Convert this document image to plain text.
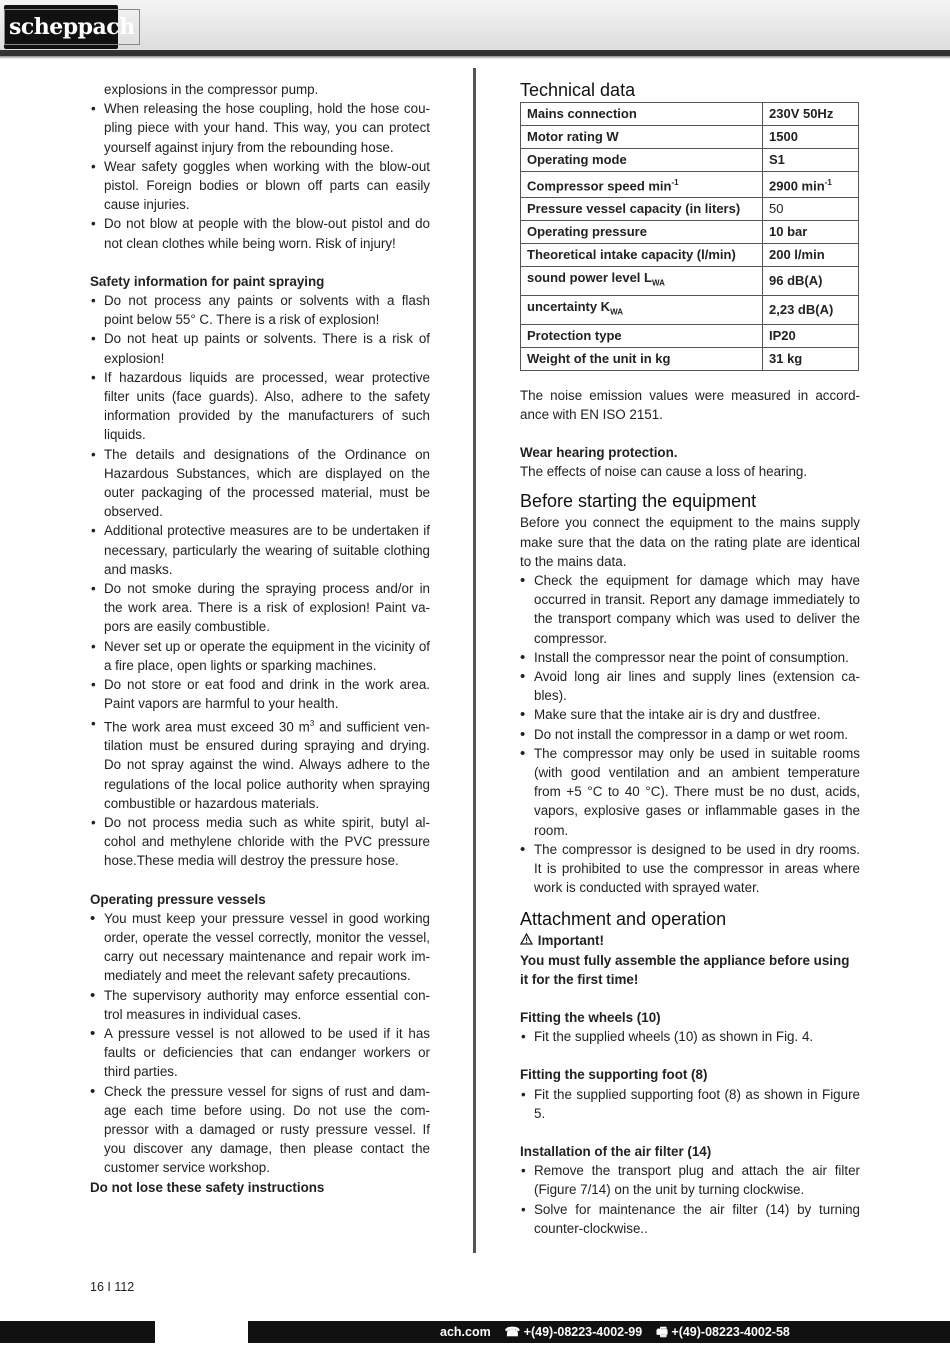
scheppach

explosions in the compressor pump.

• When releasing the hose coupling, hold the hose coupling piece with your hand. This way, you can protect yourself against injury from the rebounding hose.
• Wear safety goggles when working with the blow-out pistol. Foreign bodies or blown off parts can easily cause injuries.
• Do not blow at people with the blow-out pistol and do not clean clothes while being worn. Risk of injury!

Safety information for paint spraying

• Do not process any paints or solvents with a flash point below 55° C. There is a risk of explosion!
• Do not heat up paints or solvents. There is a risk of explosion!
• If hazardous liquids are processed, wear protective filter units (face guards). Also, adhere to the safety information provided by the manufacturers of such liquids.
• The details and designations of the Ordinance on Hazardous Substances, which are displayed on the outer packaging of the processed material, must be observed.
• Additional protective measures are to be undertaken if necessary, particularly the wearing of suitable clothing and masks.
• Do not smoke during the spraying process and/or in the work area. There is a risk of explosion! Paint vapors are easily combustible.
• Never set up or operate the equipment in the vicinity of a fire place, open lights or sparking machines.
• Do not store or eat food and drink in the work area. Paint vapors are harmful to your health.
• The work area must exceed 30 $m^3$ and sufficient ventilation must be ensured during spraying and drying. Do not spray against the wind. Always adhere to the regulations of the local police authority when spraying combustible or hazardous materials.
• Do not process media such as white spirit, butyl alcohol and methylene chloride with the PVC pressure hose.These media will destroy the pressure hose.

Operating pressure vessels

• You must keep your pressure vessel in good working order, operate the vessel correctly, monitor the vessel, carry out necessary maintenance and repair work immediately and meet the relevant safety precautions.
• The supervisory authority may enforce essential control measures in individual cases.
• A pressure vessel is not allowed to be used if it has faults or deficiencies that can endanger workers or third parties.
• Check the pressure vessel for signs of rust and damage each time before using. Do not use the compressor with a damaged or rusty pressure vessel. If you discover any damage, then please contact the customer service workshop.

Do not lose these safety instructions

Technical data
Mains connection	230V 50Hz
Motor rating W	1500
Operating mode	S1
Compressor speed $\min^{-1}$	2900 $\min^{-1}$
Pressure vessel capacity (in liters)	50
Operating pressure	10 bar
Theoretical intake capacity (l/min)	200 l/min
sound power level $L_{WA}$	96 dB(A)
uncertainty $K_{WA}$	2,23 dB(A)
Protection type	IP20
Weight of the unit in kg	31 kg

The noise emission values were measured in accordance with EN ISO 2151.

Wear hearing protection.

The effects of noise can cause a loss of hearing.

Before starting the equipment

Before you connect the equipment to the mains supply make sure that the data on the rating plate are identical to the mains data.

• Check the equipment for damage which may have occurred in transit. Report any damage immediately to the transport company which was used to deliver the compressor.
• Install the compressor near the point of consumption.
• Avoid long air lines and supply lines (extension cables).
• Make sure that the intake air is dry and dustfree.
• Do not install the compressor in a damp or wet room.
• The compressor may only be used in suitable rooms (with good ventilation and an ambient temperature from +5 °C to 40 °C). There must be no dust, acids, vapors, explosive gases or inflammable gases in the room.
• The compressor is designed to be used in dry rooms. It is prohibited to use the compressor in areas where work is conducted with sprayed water.
Attachment and operation

Important!

You must fully assemble the appliance before using it for the first time!

Fitting the wheels (10)

• Fit the supplied wheels (10) as shown in Fig. 4.

Fitting the supporting foot (8)

• Fit the supplied supporting foot (8) as shown in Figure 5.

Installation of the air filter (14)

• Remove the transport plug and attach the air filter (Figure 7/14) on the unit by turning clockwise.
• Solve for maintenance the air filter (14) by turning counter-clockwise..
16 I 112
ach.com ☎ +(49)-08223-4002-99 🖷 +(49)-08223-4002-58
